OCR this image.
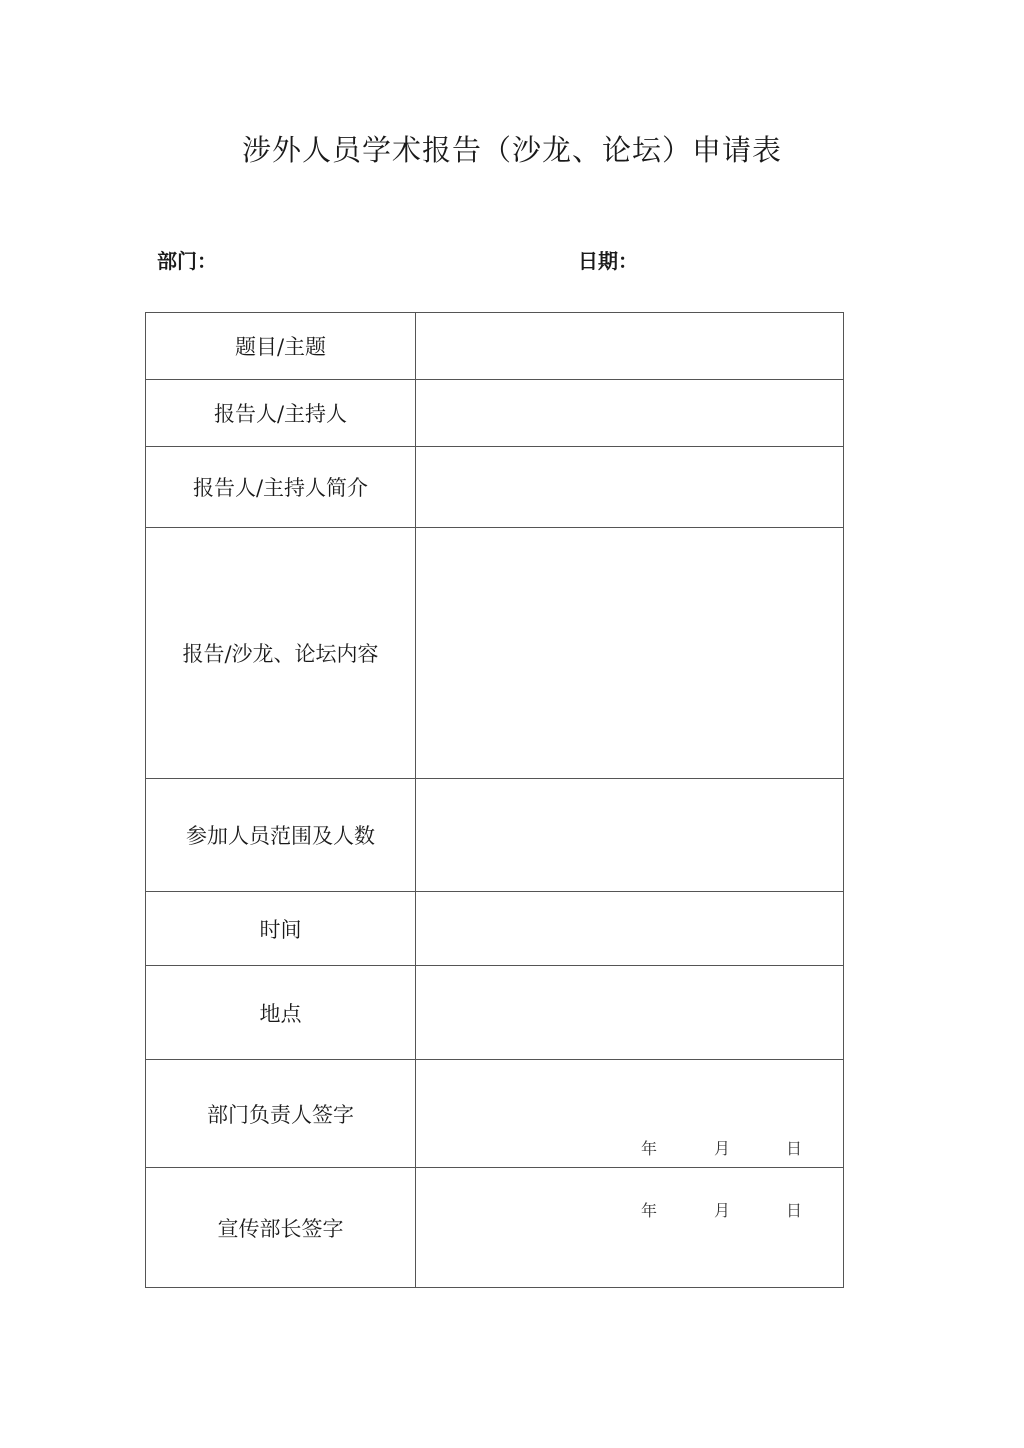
涉外人员学术报告（沙龙、论坛）申请表
部门：	日期：
题目/主题	
报告人/主持人	
报告人/主持人简介	
报告/沙龙、论坛内容	
参加人员范围及人数	
时间	
地点	
部门负责人签字	年 月 日

宣传部长签字	年 月 日
